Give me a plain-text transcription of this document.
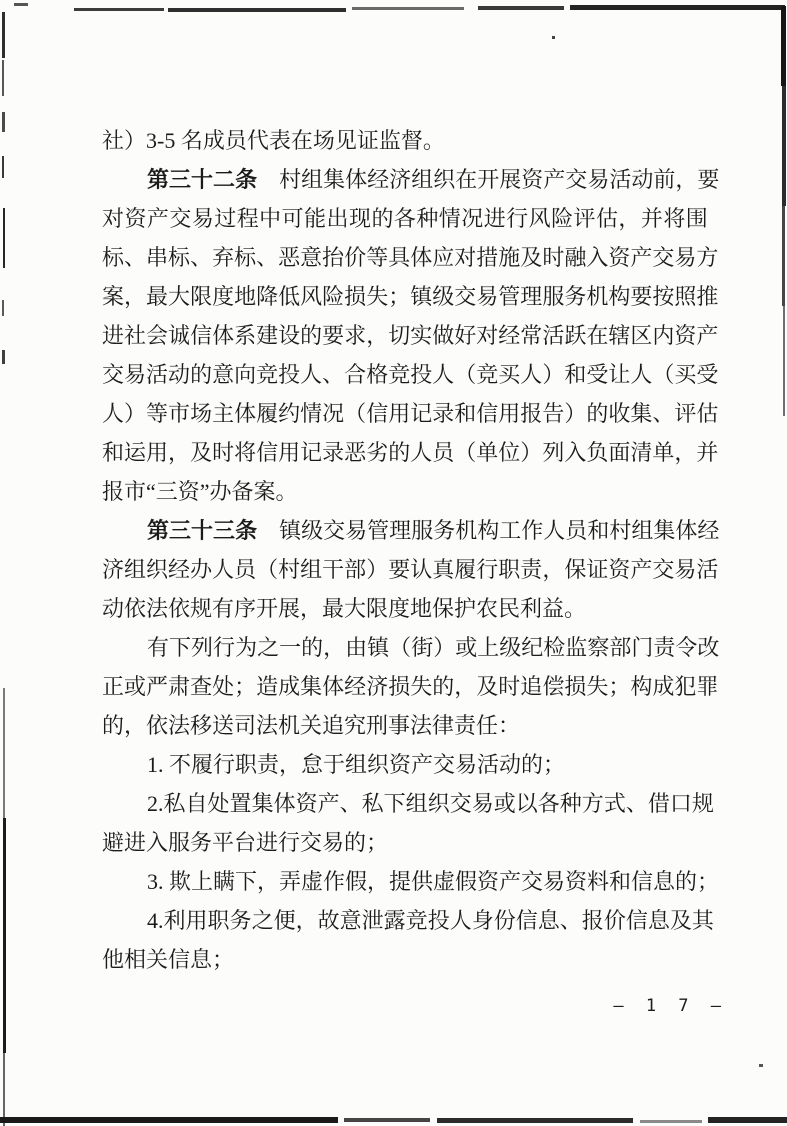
社）3-5 名成员代表在场见证监督。
第 三 十 二 条
　 村 组 集 体 经 济 组 织 在 开 展 资 产 交 易 活 动 前 ， 要
对 资 产 交 易 过 程 中 可 能 出 现 的 各 种 情 况 进 行 风 险 评 估 ， 并 将 围
标 、 串 标 、 弃 标 、 恶 意 抬 价 等 具 体 应 对 措 施 及 时 融 入 资 产 交 易 方
案 ， 最 大 限 度 地 降 低 风 险 损 失 ； 镇 级 交 易 管 理 服 务 机 构 要 按 照 推
进 社 会 诚 信 体 系 建 设 的 要 求 ， 切 实 做 好 对 经 常 活 跃 在 辖 区 内 资 产
交 易 活 动 的 意 向 竞 投 人 、 合 格 竞 投 人 （ 竞 买 人 ） 和 受 让 人 （ 买 受
人 ） 等 市 场 主 体 履 约 情 况 （ 信 用 记 录 和 信 用 报 告 ） 的 收 集 、 评 估
和 运 用 ， 及 时 将 信 用 记 录 恶 劣 的 人 员 （ 单 位 ） 列 入 负 面 清 单 ， 并
报市“三资”办备案。
第 三 十 三 条
　 镇 级 交 易 管 理 服 务 机 构 工 作 人 员 和 村 组 集 体 经
济 组 织 经 办 人 员 （ 村 组 干 部 ） 要 认 真 履 行 职 责 ， 保 证 资 产 交 易 活
动依法依规有序开展，最大限度地保护农民利益。
有 下 列 行 为 之 一 的 ， 由 镇 （ 街 ） 或 上 级 纪 检 监 察 部 门 责 令 改
正 或 严 肃 查 处 ； 造 成 集 体 经 济 损 失 的 ， 及 时 追 偿 损 失 ； 构 成 犯 罪
的，依法移送司法机关追究刑事法律责任：
1. 不履行职责，怠于组织资产交易活动的；
2 . 私 自 处 置 集 体 资 产 、 私 下 组 织 交 易 或 以 各 种 方 式 、 借 口 规
避进入服务平台进行交易的；
3. 欺上瞒下，弄虚作假，提供虚假资产交易资料和信息的；
4 . 利 用 职 务 之 便 ， 故 意 泄 露 竞 投 人 身 份 信 息 、 报 价 信 息 及 其
他相关信息；
— 1 7 —
